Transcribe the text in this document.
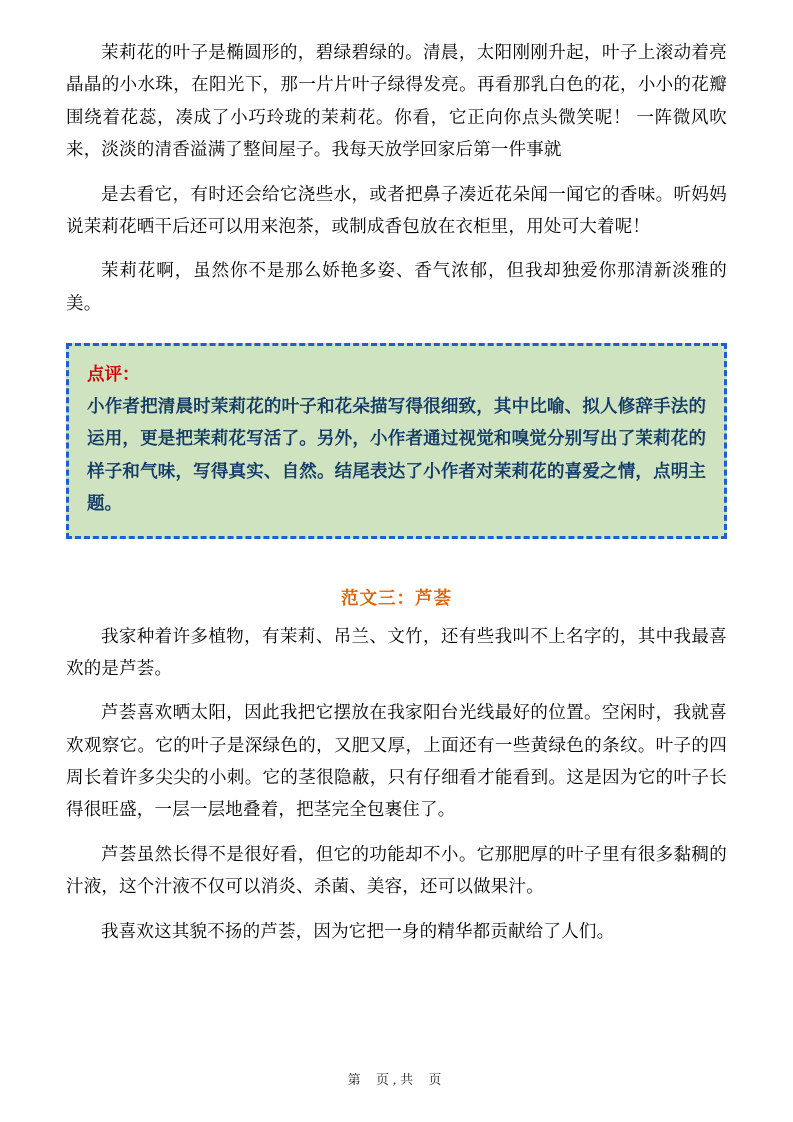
茉莉花的叶子是椭圆形的，碧绿碧绿的。清晨，太阳刚刚升起，叶子上滚动着亮晶晶的小水珠，在阳光下，那一片片叶子绿得发亮。再看那乳白色的花，小小的花瓣围绕着花蕊，凑成了小巧玲珑的茉莉花。你看，它正向你点头微笑呢！ 一阵微风吹来，淡淡的清香溢满了整间屋子。我每天放学回家后第一件事就

是去看它，有时还会给它浇些水，或者把鼻子凑近花朵闻一闻它的香味。听妈妈说茉莉花晒干后还可以用来泡茶，或制成香包放在衣柜里，用处可大着呢！

茉莉花啊，虽然你不是那么娇艳多姿、香气浓郁，但我却独爱你那清新淡雅的美。

点评：
小作者把清晨时茉莉花的叶子和花朵描写得很细致，其中比喻、拟人修辞手法的运用，更是把茉莉花写活了。另外，小作者通过视觉和嗅觉分别写出了茉莉花的样子和气味，写得真实、自然。结尾表达了小作者对茉莉花的喜爱之情，点明主题。

范文三：芦荟

我家种着许多植物，有茉莉、吊兰、文竹，还有些我叫不上名字的，其中我最喜欢的是芦荟。

芦荟喜欢晒太阳，因此我把它摆放在我家阳台光线最好的位置。空闲时，我就喜欢观察它。它的叶子是深绿色的，又肥又厚，上面还有一些黄绿色的条纹。叶子的四周长着许多尖尖的小刺。它的茎很隐蔽，只有仔细看才能看到。这是因为它的叶子长得很旺盛，一层一层地叠着，把茎完全包裹住了。

芦荟虽然长得不是很好看，但它的功能却不小。它那肥厚的叶子里有很多黏稠的汁液，这个汁液不仅可以消炎、杀菌、美容，还可以做果汁。

我喜欢这其貌不扬的芦荟，因为它把一身的精华都贡献给了人们。

第 页,共 页
